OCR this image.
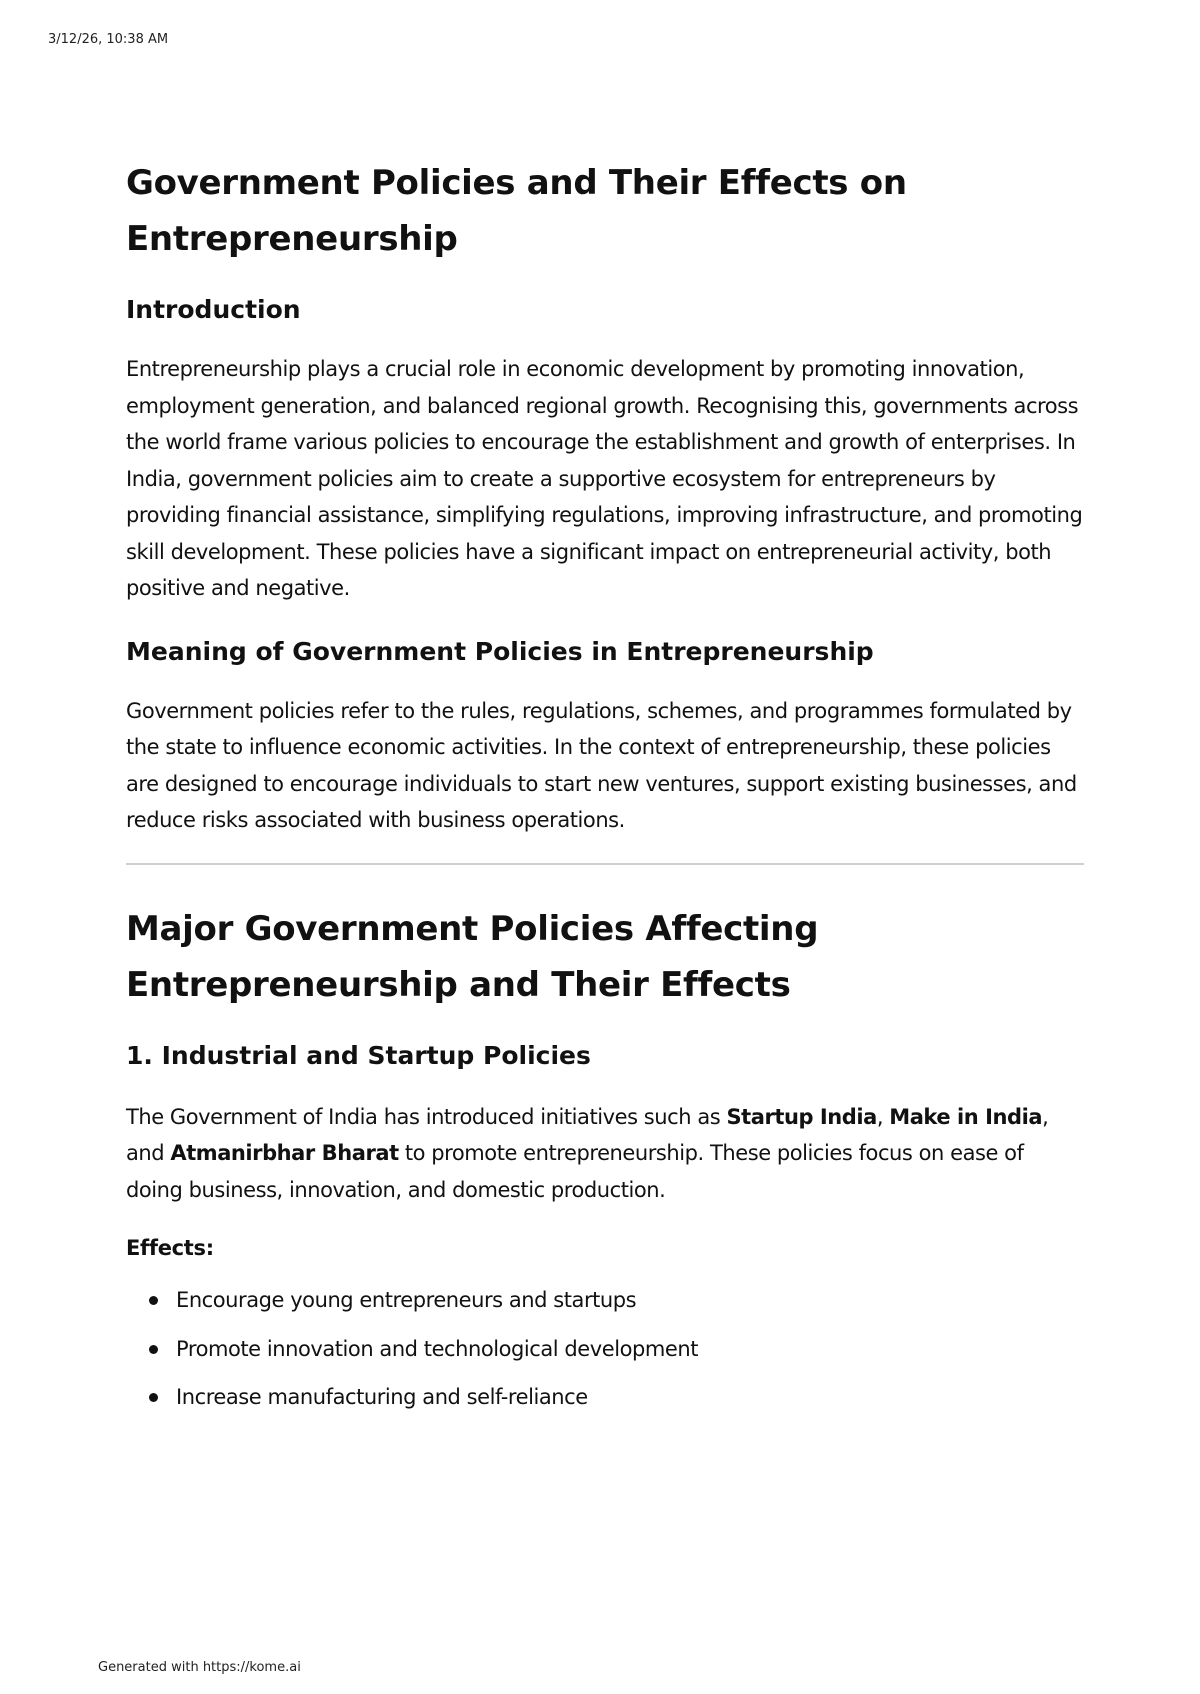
3/12/26, 10:38 AM
Government Policies and Their Effects on Entrepreneurship
Introduction

Entrepreneurship plays a crucial role in economic development by promoting innovation, employment generation, and balanced regional growth. Recognising this, governments across the world frame various policies to encourage the establishment and growth of enterprises. In India, government policies aim to create a supportive ecosystem for entrepreneurs by providing financial assistance, simplifying regulations, improving infrastructure, and promoting skill development. These policies have a significant impact on entrepreneurial activity, both positive and negative.

Meaning of Government Policies in Entrepreneurship

Government policies refer to the rules, regulations, schemes, and programmes formulated by the state to influence economic activities. In the context of entrepreneurship, these policies are designed to encourage individuals to start new ventures, support existing businesses, and reduce risks associated with business operations.

Major Government Policies Affecting Entrepreneurship and Their Effects
1. Industrial and Startup Policies

The Government of India has introduced initiatives such as Startup India, Make in India, and Atmanirbhar Bharat to promote entrepreneurship. These policies focus on ease of doing business, innovation, and domestic production.

Effects:
Encourage young entrepreneurs and startups
Promote innovation and technological development
Increase manufacturing and self-reliance
Generated with https://kome.ai
